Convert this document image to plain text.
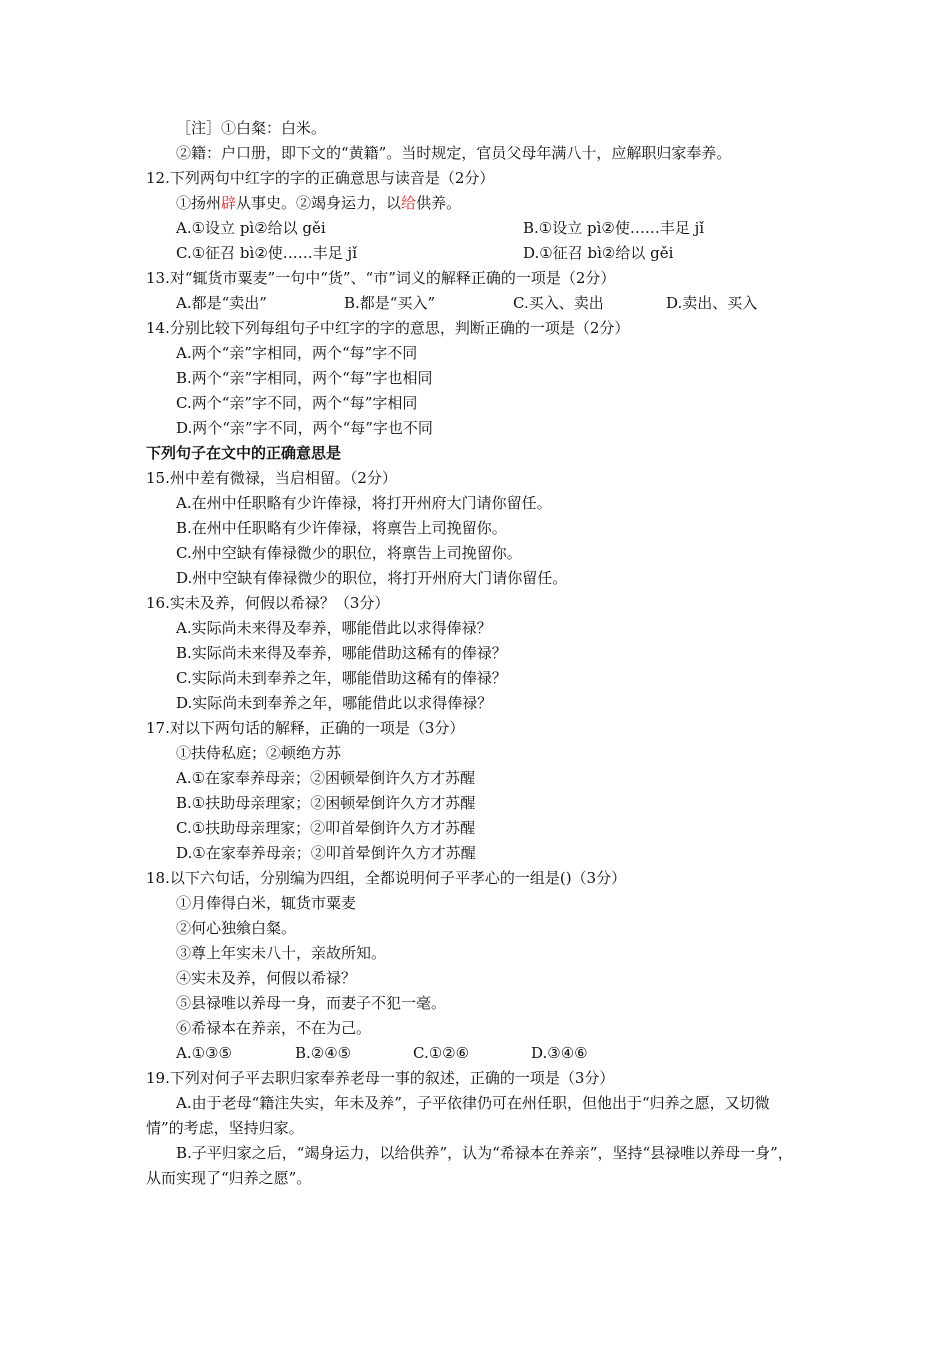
［注］①白粲：白米。
②籍：户口册，即下文的“黄籍”。当时规定，官员父母年满八十，应解职归家奉养。
12.下列两句中红字的字的正确意思与读音是（2分）
①扬州辟从事史。②竭身运力，以给供养。
A.①设立 pì②给以 gěi	B.①设立 pì②使……丰足 jǐ
C.①征召 bì②使……丰足 jǐ	D.①征召 bì②给以 gěi
13.对“辄货市粟麦”一句中“货”、“市”词义的解释正确的一项是（2分）
A.都是“卖出”	B.都是“买入”	C.买入、卖出	D.卖出、买入
14.分别比较下列每组句子中红字的字的意思，判断正确的一项是（2分）
A.两个“亲”字相同，两个“每”字不同
B.两个“亲”字相同，两个“每”字也相同
C.两个“亲”字不同，两个“每”字相同
D.两个“亲”字不同，两个“每”字也不同
下列句子在文中的正确意思是
15.州中差有微禄，当启相留。（2分）
A.在州中任职略有少许俸禄，将打开州府大门请你留任。
B.在州中任职略有少许俸禄，将禀告上司挽留你。
C.州中空缺有俸禄微少的职位，将禀告上司挽留你。
D.州中空缺有俸禄微少的职位，将打开州府大门请你留任。
16.实未及养，何假以希禄？（3分）
A.实际尚未来得及奉养，哪能借此以求得俸禄？
B.实际尚未来得及奉养，哪能借助这稀有的俸禄？
C.实际尚未到奉养之年，哪能借助这稀有的俸禄？
D.实际尚未到奉养之年，哪能借此以求得俸禄？
17.对以下两句话的解释，正确的一项是（3分）
①扶侍私庭；②顿绝方苏
A.①在家奉养母亲；②困顿晕倒许久方才苏醒
B.①扶助母亲理家；②困顿晕倒许久方才苏醒
C.①扶助母亲理家；②叩首晕倒许久方才苏醒
D.①在家奉养母亲；②叩首晕倒许久方才苏醒
18.以下六句话，分别编为四组，全都说明何子平孝心的一组是()（3分）
①月俸得白米，辄货市粟麦
②何心独飨白粲。
③尊上年实未八十，亲故所知。
④实未及养，何假以希禄？
⑤县禄唯以养母一身，而妻子不犯一毫。
⑥希禄本在养亲，不在为己。
A.①③⑤	B.②④⑤	C.①②⑥	D.③④⑥
19.下列对何子平去职归家奉养老母一事的叙述，正确的一项是（3分）
A.由于老母“籍注失实，年未及养”，子平依律仍可在州任职，但他出于“归养之愿，又切微情”的考虑，坚持归家。
B.子平归家之后，“竭身运力，以给供养”，认为“希禄本在养亲”，坚持“县禄唯以养母一身”，从而实现了“归养之愿”。
